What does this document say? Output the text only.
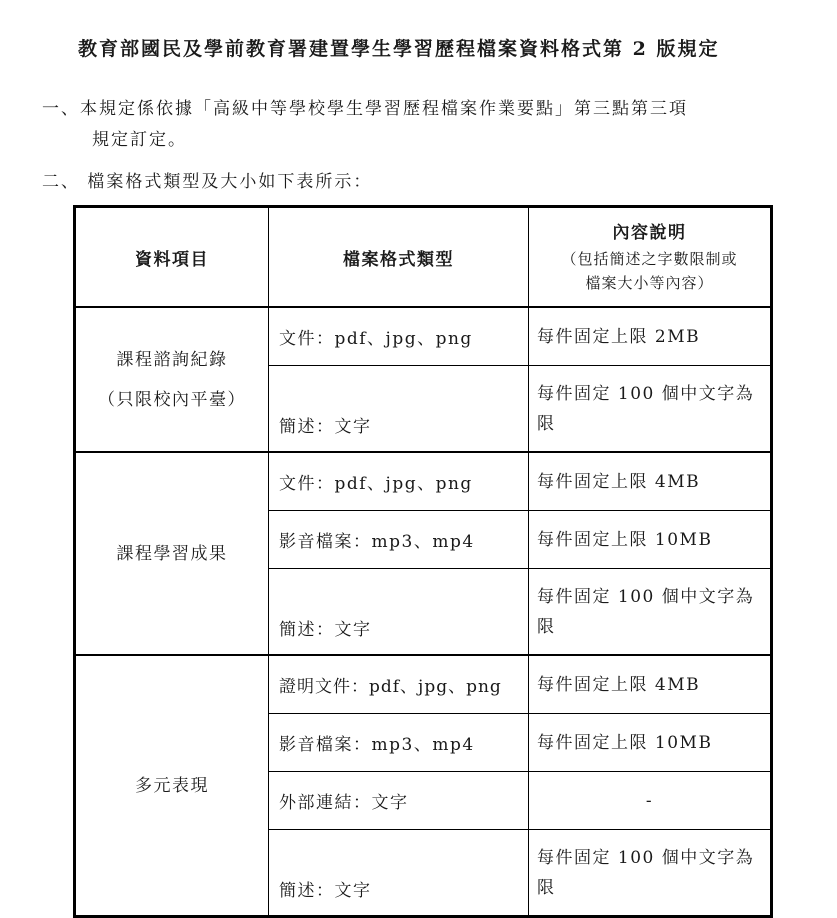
教育部國民及學前教育署建置學生學習歷程檔案資料格式第 2 版規定
一、本規定係依據「高級中等學校學生學習歷程檔案作業要點」第三點第三項
規定訂定。
二、 檔案格式類型及大小如下表所示：
資料項目	檔案格式類型	內容說明
（包括簡述之字數限制或
檔案大小等內容）

課程諮詢紀錄
（只限校內平臺）	文件：pdf、jpg、png	每件固定上限 2MB
	簡述：文字	每件固定 100 個中文字為限
課程學習成果	文件：pdf、jpg、png	每件固定上限 4MB
	影音檔案：mp3、mp4	每件固定上限 10MB
	簡述：文字	每件固定 100 個中文字為限
多元表現	證明文件：pdf、jpg、png	每件固定上限 4MB
	影音檔案：mp3、mp4	每件固定上限 10MB
	外部連結：文字	-
	簡述：文字	每件固定 100 個中文字為限
